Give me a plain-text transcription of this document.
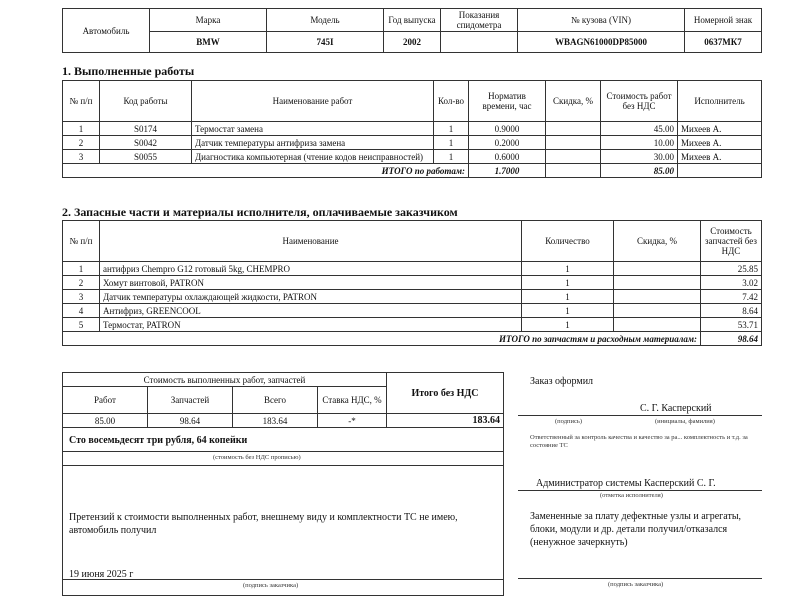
Автомобиль	Марка	Модель	Год выпуска	Показания спидометра	№ кузова (VIN)	Номерной знак
	BMW	745I	2002		WBAGN61000DP85000	0637МК7
1. Выполненные работы
№ п/п	Код работы	Наименование работ	Кол-во	Норматив времени, час	Скидка, %	Стоимость работ без НДС	Исполнитель
1	S0174	Термостат замена	1	0.9000		45.00	Михеев А.
2	S0042	Датчик температуры антифриза замена	1	0.2000		10.00	Михеев А.
3	S0055	Диагностика компьютерная (чтение кодов неисправностей)	1	0.6000		30.00	Михеев А.
ИТОГО по работам:				1.7000		85.00	
2. Запасные части и материалы исполнителя, оплачиваемые заказчиком
№ п/п	Наименование	Количество	Скидка, %	Стоимость запчастей без НДС
1	антифриз Chempro G12 готовый 5kg, CHEMPRO	1		25.85
2	Хомут винтовой, PATRON	1		3.02
3	Датчик температуры охлаждающей жидкости, PATRON	1		7.42
4	Антифриз, GREENCOOL	1		8.64
5	Термостат, PATRON	1		53.71
ИТОГО по запчастям и расходным материалам:				98.64
Стоимость выполненных работ, запчастей				Итого без НДС
Работ	Запчастей	Всего	Ставка НДС, %	
85.00	98.64	183.64	-*	183.64
Сто восемьдесят три рубля, 64 копейки
(стоимость без НДС прописью)
Претензий к стоимости выполненных работ, внешнему виду и комплектности ТС не имею, автомобиль получил
19 июня 2025 г
(подпись заказчика)
Заказ оформил
С. Г. Касперский
(подпись)	(инициалы, фамилия)
Ответственный за контроль качества и качество за ра... комплектность и т.д. за состояние ТС
Администратор системы Касперский С. Г.
(отметка исполнителя)
Замененные за плату дефектные узлы и агрегаты, блоки, модули и др. детали получил/отказался (ненужное зачеркнуть)
(подпись заказчика)
